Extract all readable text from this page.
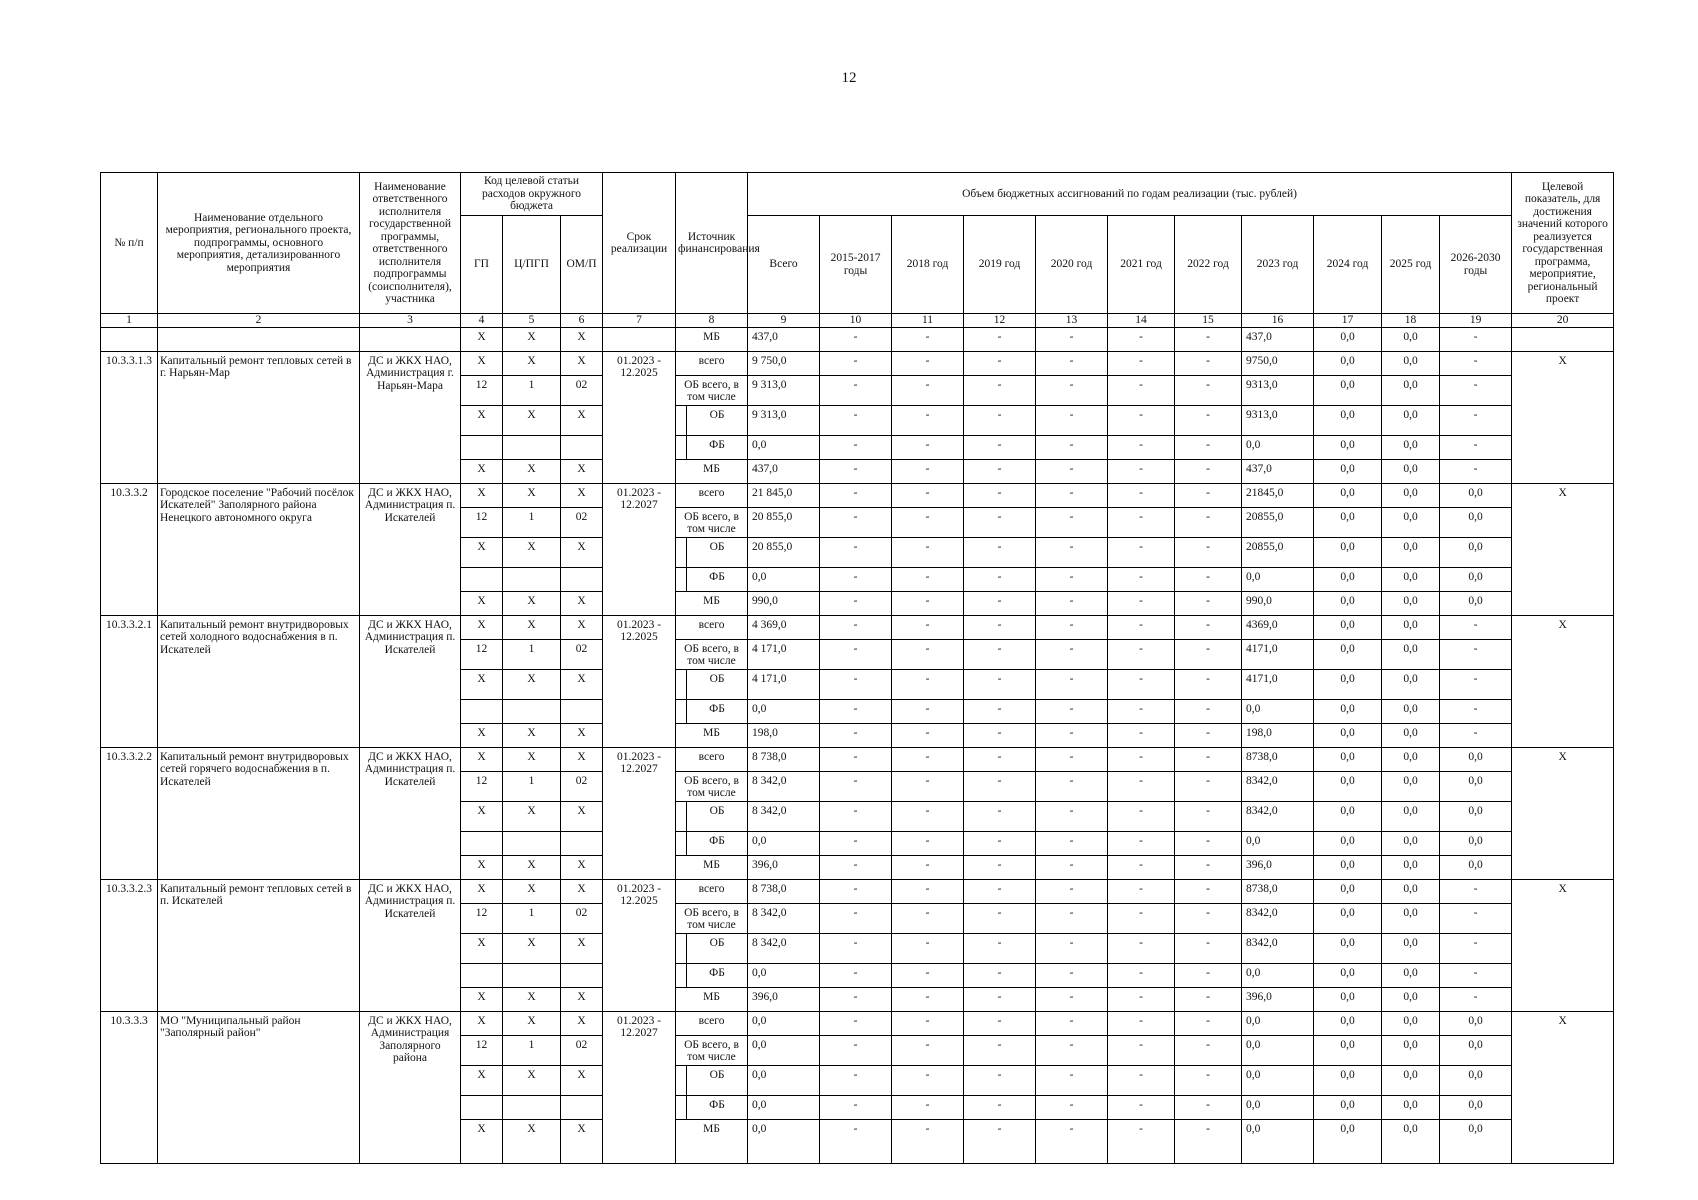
12
№ п/п	Наименование отдельного мероприятия, регионального проекта, подпрограммы, основного мероприятия, детализированного мероприятия	Наименование ответственного исполнителя государственной программы, ответственного исполнителя подпрограммы (соисполнителя), участника	Код целевой статьи расходов окружного бюджета			Срок реализации	Источник финансирования	Объем бюджетных ассигнований по годам реализации (тыс. рублей)											Целевой показатель, для достижения значений которого реализуется государственная программа, мероприятие, региональный проект
			ГП	Ц/ПГП	ОМ/П			Всего	2015-2017 годы	2018 год	2019 год	2020 год	2021 год	2022 год	2023 год	2024 год	2025 год	2026-2030 годы	
1	2	3	4	5	6	7	8	9	10	11	12	13	14	15	16	17	18	19	20
			X	X	X		МБ	437,0	-	-	-	-	-	-	437,0	0,0	0,0	-	
10.3.3.1.3	Капитальный ремонт тепловых сетей в г. Нарьян-Мар	ДС и ЖКХ НАО, Администрация г. Нарьян-Мара	X	X	X	01.2023 - 12.2025	всего	9 750,0	-	-	-	-	-	-	9750,0	0,0	0,0	-	X
			12	1	02		ОБ всего, в том числе	9 313,0	-	-	-	-	-	-	9313,0	0,0	0,0	-	
			X	X	X		ОБ	9 313,0	-	-	-	-	-	-	9313,0	0,0	0,0	-	

							ФБ	0,0	-	-	-	-	-	-	0,0	0,0	0,0	-	
			X	X	X		МБ	437,0	-	-	-	-	-	-	437,0	0,0	0,0	-	
10.3.3.2	Городское поселение "Рабочий посёлок Искателей" Заполярного района Ненецкого автономного округа	ДС и ЖКХ НАО, Администрация п. Искателей	X	X	X	01.2023 - 12.2027	всего	21 845,0	-	-	-	-	-	-	21845,0	0,0	0,0	0,0	X
			12	1	02		ОБ всего, в том числе	20 855,0	-	-	-	-	-	-	20855,0	0,0	0,0	0,0	
			X	X	X		ОБ	20 855,0	-	-	-	-	-	-	20855,0	0,0	0,0	0,0	

							ФБ	0,0	-	-	-	-	-	-	0,0	0,0	0,0	0,0	
			X	X	X		МБ	990,0	-	-	-	-	-	-	990,0	0,0	0,0	0,0	
10.3.3.2.1	Капитальный ремонт внутридворовых сетей холодного водоснабжения в п. Искателей	ДС и ЖКХ НАО, Администрация п. Искателей	X	X	X	01.2023 - 12.2025	всего	4 369,0	-	-	-	-	-	-	4369,0	0,0	0,0	-	X
			12	1	02		ОБ всего, в том числе	4 171,0	-	-	-	-	-	-	4171,0	0,0	0,0	-	
			X	X	X		ОБ	4 171,0	-	-	-	-	-	-	4171,0	0,0	0,0	-	

							ФБ	0,0	-	-	-	-	-	-	0,0	0,0	0,0	-	
			X	X	X		МБ	198,0	-	-	-	-	-	-	198,0	0,0	0,0	-	
10.3.3.2.2	Капитальный ремонт внутридворовых сетей горячего водоснабжения в п. Искателей	ДС и ЖКХ НАО, Администрация п. Искателей	X	X	X	01.2023 - 12.2027	всего	8 738,0	-	-	-	-	-	-	8738,0	0,0	0,0	0,0	X
			12	1	02		ОБ всего, в том числе	8 342,0	-	-	-	-	-	-	8342,0	0,0	0,0	0,0	
			X	X	X		ОБ	8 342,0	-	-	-	-	-	-	8342,0	0,0	0,0	0,0	

							ФБ	0,0	-	-	-	-	-	-	0,0	0,0	0,0	0,0	
			X	X	X		МБ	396,0	-	-	-	-	-	-	396,0	0,0	0,0	0,0	
10.3.3.2.3	Капитальный ремонт тепловых сетей в п. Искателей	ДС и ЖКХ НАО, Администрация п. Искателей	X	X	X	01.2023 - 12.2025	всего	8 738,0	-	-	-	-	-	-	8738,0	0,0	0,0	-	X
			12	1	02		ОБ всего, в том числе	8 342,0	-	-	-	-	-	-	8342,0	0,0	0,0	-	
			X	X	X		ОБ	8 342,0	-	-	-	-	-	-	8342,0	0,0	0,0	-	

							ФБ	0,0	-	-	-	-	-	-	0,0	0,0	0,0	-	
			X	X	X		МБ	396,0	-	-	-	-	-	-	396,0	0,0	0,0	-	
10.3.3.3	МО "Муниципальный район "Заполярный район"	ДС и ЖКХ НАО, Администрация Заполярного района	X	X	X	01.2023 - 12.2027	всего	0,0	-	-	-	-	-	-	0,0	0,0	0,0	0,0	X
			12	1	02		ОБ всего, в том числе	0,0	-	-	-	-	-	-	0,0	0,0	0,0	0,0	
			X	X	X		ОБ	0,0	-	-	-	-	-	-	0,0	0,0	0,0	0,0	

							ФБ	0,0	-	-	-	-	-	-	0,0	0,0	0,0	0,0	
			X	X	X		МБ	0,0	-	-	-	-	-	-	0,0	0,0	0,0	0,0	
